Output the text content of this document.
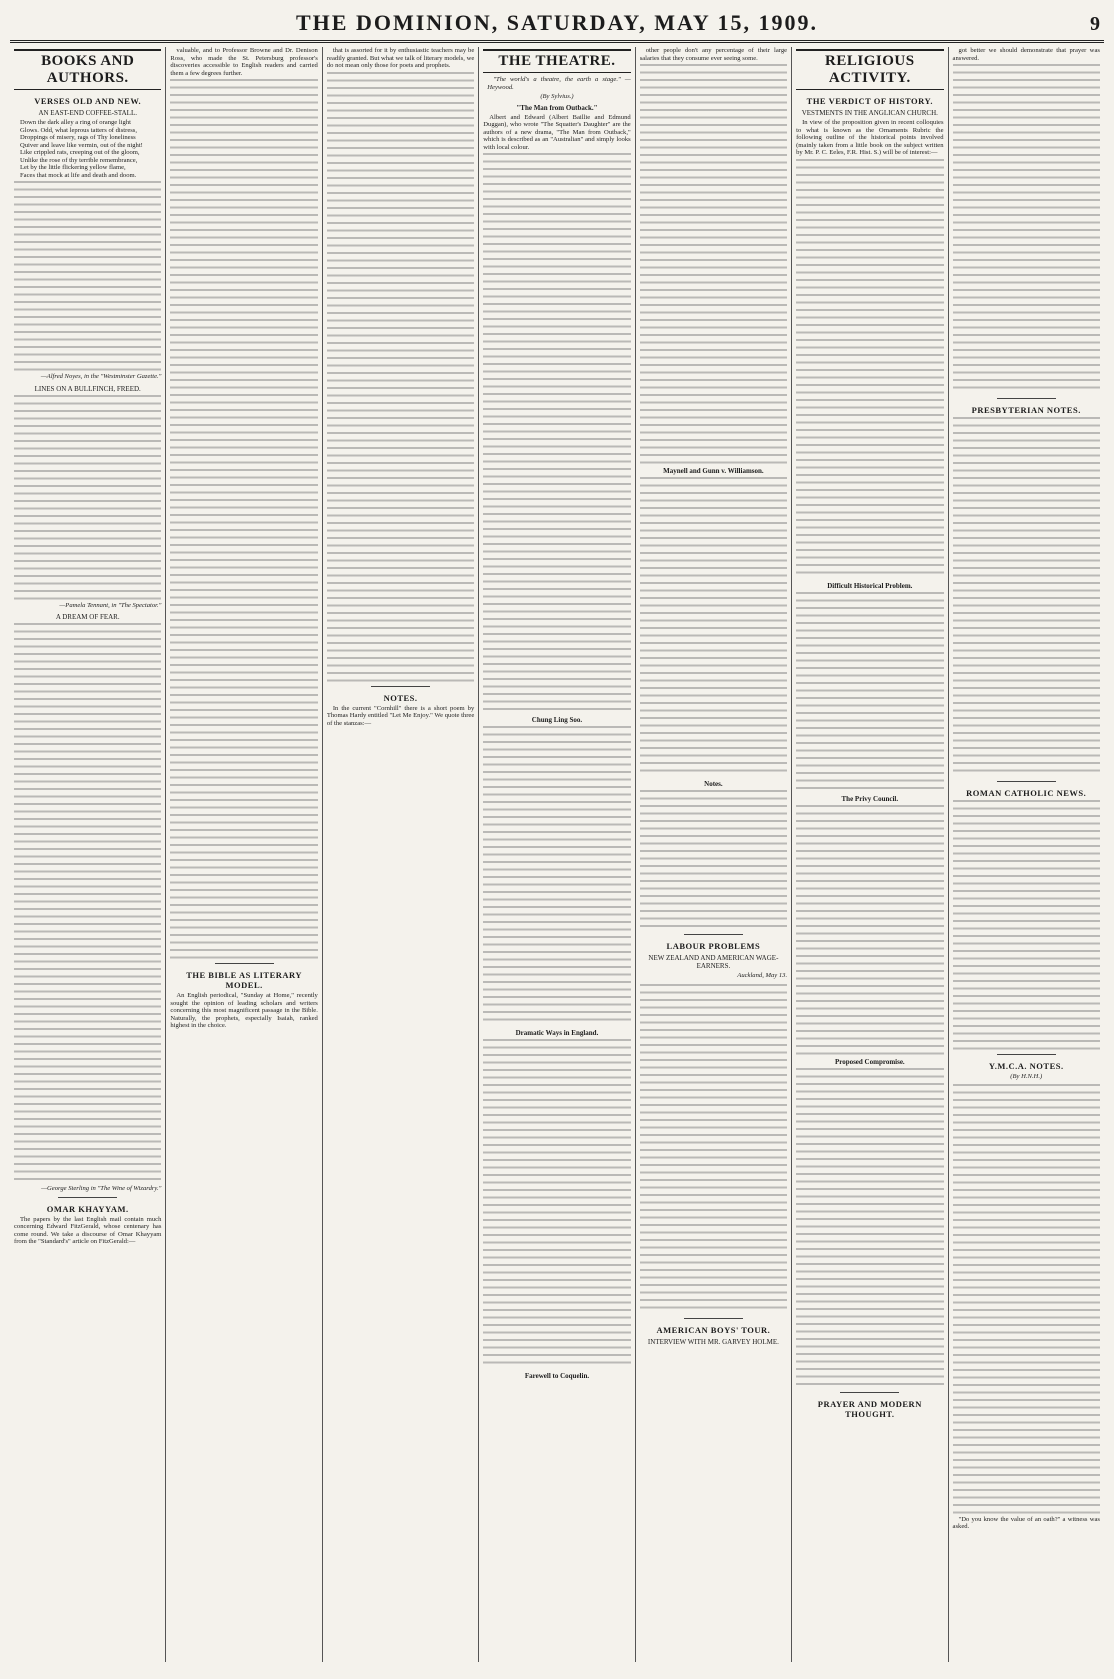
THE DOMINION, SATURDAY, MAY 15, 1909.	9
BOOKS AND AUTHORS.
VERSES OLD AND NEW.
AN EAST-END COFFEE-STALL.
Down the dark alley a ring of orange light
Glows. Odd, what leprous tatters of distress,
Droppings of misery, rags of Thy loneliness
Quiver and leave like vermin, out of the night!
Like crippled rats, creeping out of the gloom,
Unlike the rose of thy terrible remembrance,
Let by the little flickering yellow flame,
Faces that mock at life and death and doom.
—Alfred Noyes, in the "Westminster Gazette."
LINES ON A BULLFINCH, FREED.
—Pamela Tennant, in "The Spectator."
A DREAM OF FEAR.
—George Sterling in "The Wine of Wizardry."
OMAR KHAYYAM.

The papers by the last English mail contain much concerning Edward FitzGerald, whose centenary has come round. We take a discourse of Omar Khayyam from the "Standard's" article on FitzGerald:—

valuable, and to Professor Browne and Dr. Denison Ross, who made the St. Petersburg professor's discoveries accessible to English readers and carried them a few degrees further.

THE BIBLE AS LITERARY MODEL.

An English periodical, "Sunday at Home," recently sought the opinion of leading scholars and writers concerning this most magnificent passage in the Bible. Naturally, the prophets, especially Isaiah, ranked highest in the choice.

that is assorted for it by enthusiastic teachers may be readily granted. But what we talk of literary models, we do not mean only those for poets and prophets.

NOTES.

In the current "Cornhill" there is a short poem by Thomas Hardy entitled "Let Me Enjoy." We quote three of the stanzas:—

THE THEATRE.

"The world's a theatre, the earth a stage." —Heywood.

(By Sylvius.)
"The Man from Outback."

Albert and Edward (Albert Baillie and Edmund Duggan), who wrote "The Squatter's Daughter" are the authors of a new drama, "The Man from Outback," which is described as an "Australian" and simply looks with local colour.

Chung Ling Soo.
Dramatic Ways in England.
Farewell to Coquelin.

other people don't any percentage of their large salaries that they consume ever seeing some.

Maynell and Gunn v. Williamson.
Notes.
LABOUR PROBLEMS
NEW ZEALAND AND AMERICAN WAGE-EARNERS.
Auckland, May 13.
AMERICAN BOYS' TOUR.
INTERVIEW WITH MR. GARVEY HOLME.
RELIGIOUS ACTIVITY.
THE VERDICT OF HISTORY.
VESTMENTS IN THE ANGLICAN CHURCH.

In view of the proposition given in recent colloquies to what is known as the Ornaments Rubric the following outline of the historical points involved (mainly taken from a little book on the subject written by Mr. P. C. Eeles, F.R. Hist. S.) will be of interest:—

Difficult Historical Problem.
The Privy Council.
Proposed Compromise.
PRAYER AND MODERN THOUGHT.

got better we should demonstrate that prayer was answered.

PRESBYTERIAN NOTES.
ROMAN CATHOLIC NEWS.
Y.M.C.A. NOTES.
(By H.N.H.)

"Do you know the value of an oath?" a witness was asked.
